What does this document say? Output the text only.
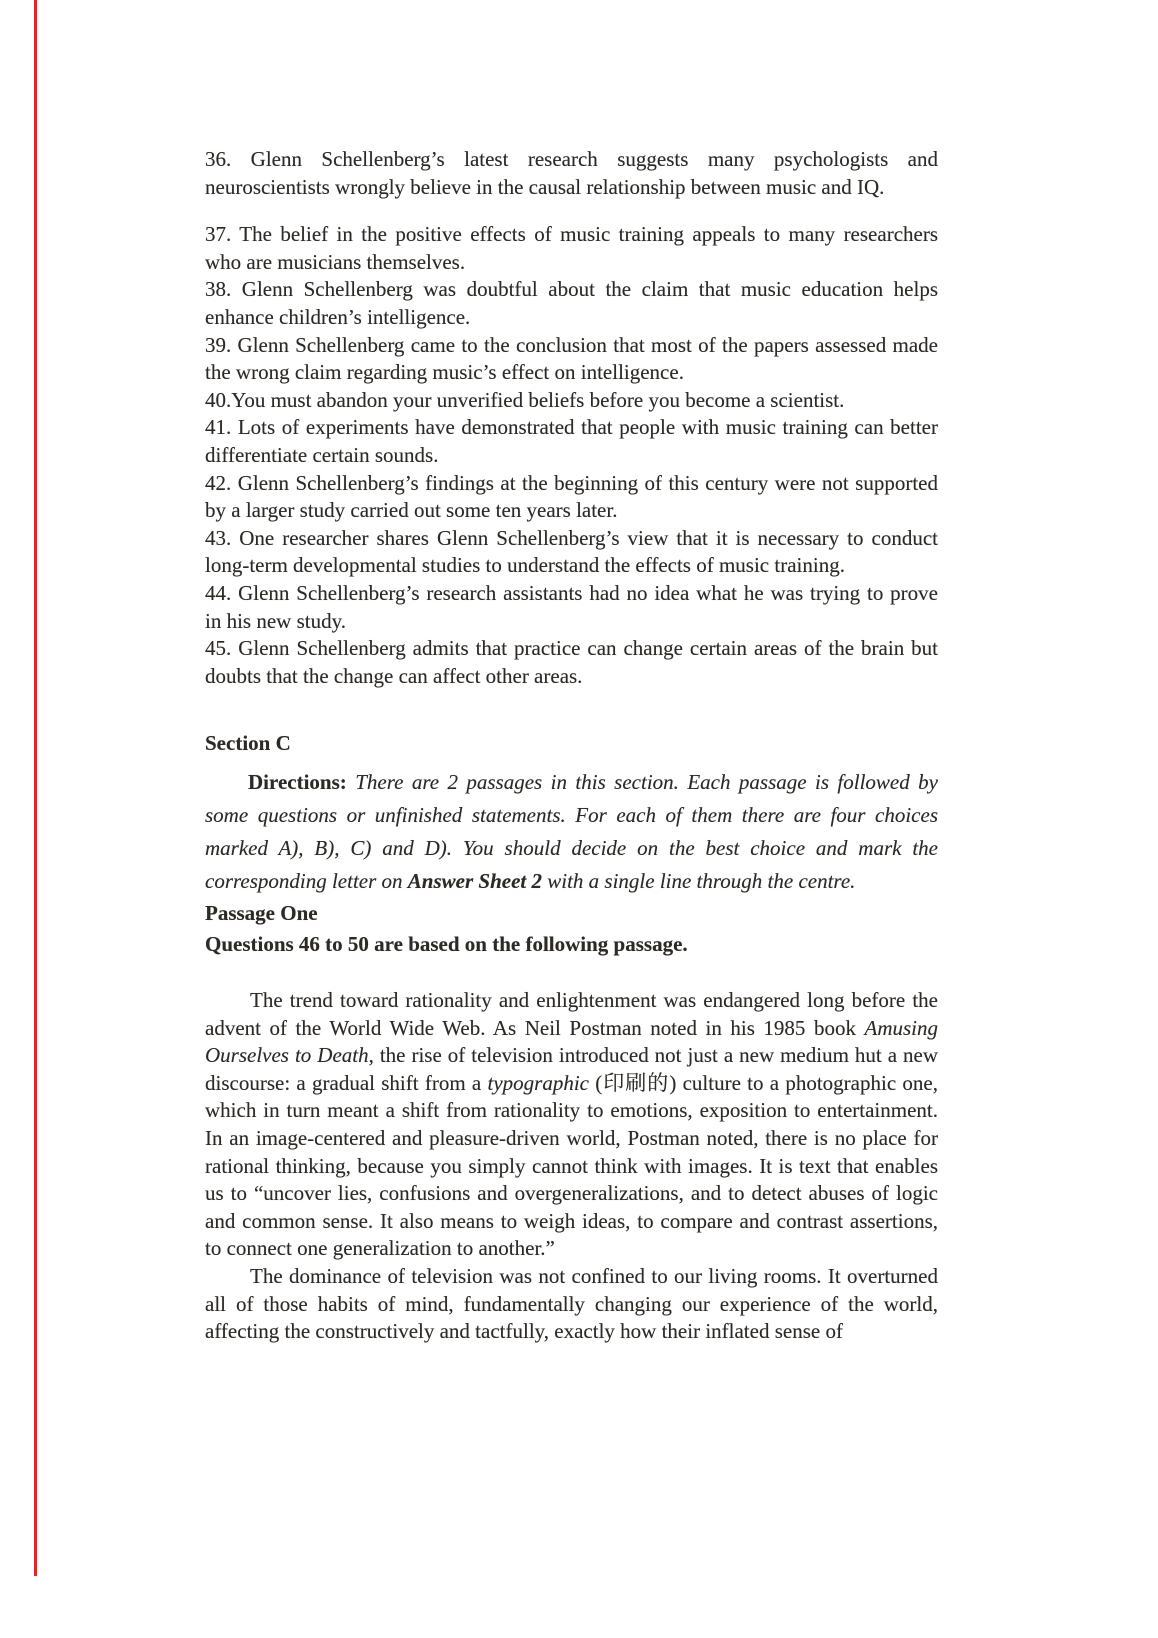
36. Glenn Schellenberg’s latest research suggests many psychologists and neuroscientists wrongly believe in the causal relationship between music and IQ.

37. The belief in the positive effects of music training appeals to many researchers who are musicians themselves.

38. Glenn Schellenberg was doubtful about the claim that music education helps enhance children’s intelligence.

39. Glenn Schellenberg came to the conclusion that most of the papers assessed made the wrong claim regarding music’s effect on intelligence.

40.You must abandon your unverified beliefs before you become a scientist.

41. Lots of experiments have demonstrated that people with music training can better differentiate certain sounds.

42. Glenn Schellenberg’s findings at the beginning of this century were not supported by a larger study carried out some ten years later.

43. One researcher shares Glenn Schellenberg’s view that it is necessary to conduct long-term developmental studies to understand the effects of music training.

44. Glenn Schellenberg’s research assistants had no idea what he was trying to prove in his new study.

45. Glenn Schellenberg admits that practice can change certain areas of the brain but doubts that the change can affect other areas.

Section C

Directions: There are 2 passages in this section. Each passage is followed by some questions or unfinished statements. For each of them there are four choices marked A), B), C) and D). You should decide on the best choice and mark the corresponding letter on Answer Sheet 2 with a single line through the centre.

Passage One

Questions 46 to 50 are based on the following passage.

The trend toward rationality and enlightenment was endangered long before the advent of the World Wide Web. As Neil Postman noted in his 1985 book Amusing Ourselves to Death, the rise of television introduced not just a new medium hut a new discourse: a gradual shift from a typographic (印刷的) culture to a photographic one, which in turn meant a shift from rationality to emotions, exposition to entertainment. In an image-centered and pleasure-driven world, Postman noted, there is no place for rational thinking, because you simply cannot think with images. It is text that enables us to “uncover lies, confusions and overgeneralizations, and to detect abuses of logic and common sense. It also means to weigh ideas, to compare and contrast assertions, to connect one generalization to another.”

The dominance of television was not confined to our living rooms. It overturned all of those habits of mind, fundamentally changing our experience of the world, affecting the constructively and tactfully, exactly how their inflated sense of
